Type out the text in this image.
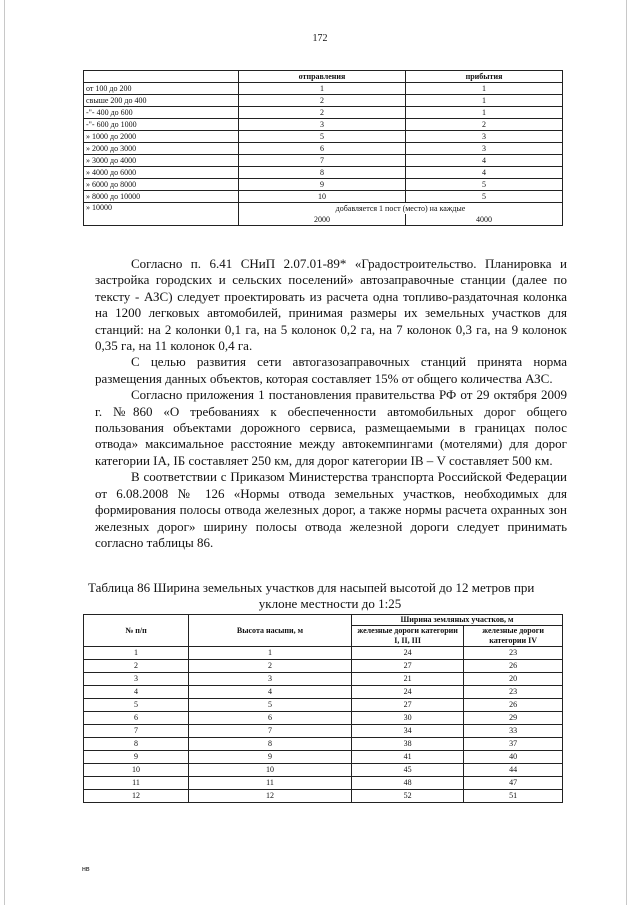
172
	отправления	прибытия
от 100 до 200	1	1
свыше 200 до 400	2	1
-"- 400 до 600	2	1
-"- 600 до 1000	3	2
» 1000 до 2000	5	3
» 2000 до 3000	6	3
» 3000 до 4000	7	4
» 4000 до 6000	8	4
» 6000 до 8000	9	5
» 8000 до 10000	10	5
» 10000	добавляется 1 пост (место) на каждые	
	2000	4000

Согласно п. 6.41 СНиП 2.07.01-89* «Градостроительство. Планировка и застройка городских и сельских поселений» автозаправочные станции (далее по тексту - АЗС) следует проектировать из расчета одна топливо-раздаточная колонка на 1200 легковых автомобилей, принимая размеры их земельных участков для станций: на 2 колонки 0,1 га, на 5 колонок 0,2 га, на 7 колонок 0,3 га, на 9 колонок 0,35 га, на 11 колонок 0,4 га.

С целью развития сети автогазозаправочных станций принята норма размещения данных объектов, которая составляет 15% от общего количества АЗС.

Согласно приложения 1 постановления правительства РФ от 29 октября 2009 г. №860 «О требованиях к обеспеченности автомобильных дорог общего пользования объектами дорожного сервиса, размещаемыми в границах полос отвода» максимальное расстояние между автокемпингами (мотелями) для дорог категории IА, IБ составляет 250 км, для дорог категории IВ – V составляет 500 км.

В соответствии с Приказом Министерства транспорта Российской Федерации от 6.08.2008 № 126 «Нормы отвода земельных участков, необходимых для формирования полосы отвода железных дорог, а также нормы расчета охранных зон железных дорог» ширину полосы отвода железной дороги следует принимать согласно таблицы 86.

Таблица 86 Ширина земельных участков для насыпей высотой до 12 метров при
уклоне местности до 1:25
№ п/п	Высота насыпи, м	Ширина земляных участков, м	
		железные дороги категории I, II, III	железные дороги категории IV
1	1	24	23
2	2	27	26
3	3	21	20
4	4	24	23
5	5	27	26
6	6	30	29
7	7	34	33
8	8	38	37
9	9	41	40
10	10	45	44
11	11	48	47
12	12	52	51
нв
